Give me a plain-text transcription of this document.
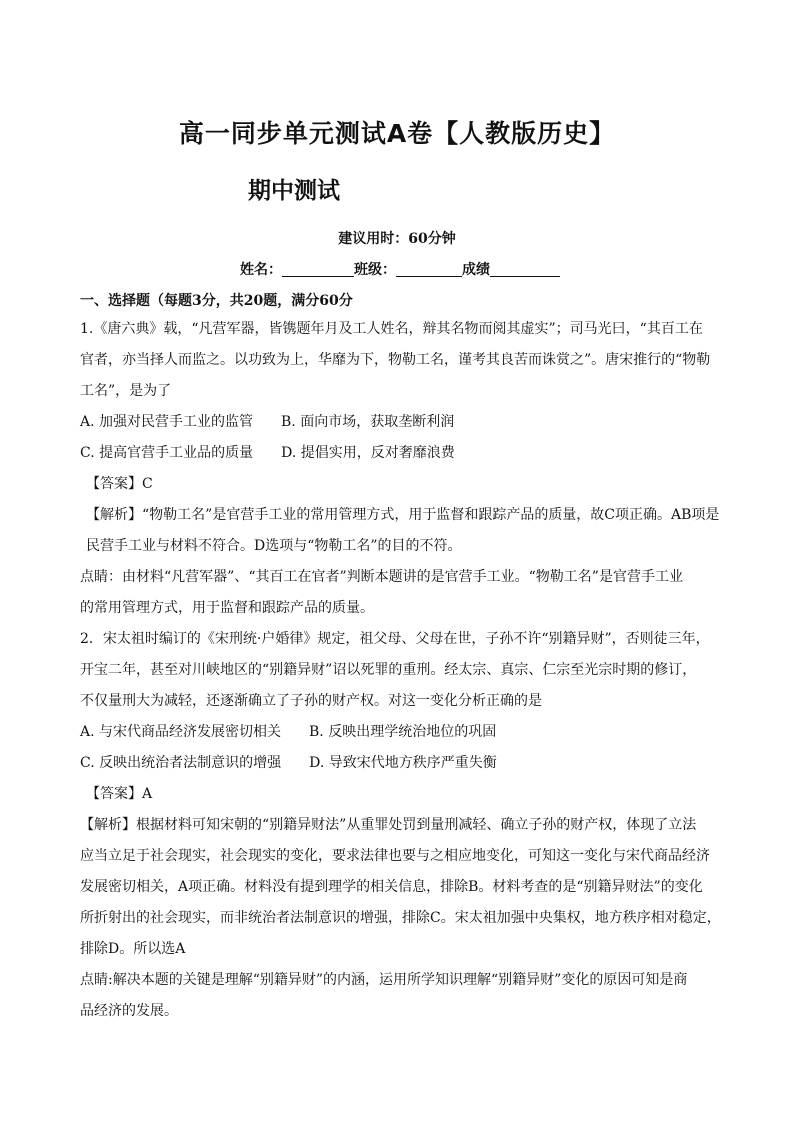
高一同步单元测试A卷【人教版历史】
期中测试
建议用时：60分钟
姓名：	班级：	成绩
一、选择题（每题3分，共20题，满分60分
1.《唐六典》载，“凡营军器，皆镌题年月及工人姓名，辩其名物而阅其虚实”；司马光曰，“其百工在
官者，亦当择人而监之。以功致为上，华靡为下，物勒工名，谨考其良苦而诛赏之”。唐宋推行的“物勒
工名”，是为了
A. 加强对民营手工业的监管 B. 面向市场，获取垄断利润
C. 提高官营手工业品的质量 D. 提倡实用，反对奢靡浪费
【答案】C
【解析】“物勒工名”是官营手工业的常用管理方式，用于监督和跟踪产品的质量，故C项正确。AB项是
民营手工业与材料不符合。D选项与“物勒工名”的目的不符。
点睛：由材料“凡营军器”、“其百工在官者”判断本题讲的是官营手工业。“物勒工名”是官营手工业
的常用管理方式，用于监督和跟踪产品的质量。
2．宋太祖时编订的《宋刑统·户婚律》规定，祖父母、父母在世，子孙不许“别籍异财”，否则徒三年，
开宝二年，甚至对川峡地区的“别籍异财”诏以死罪的重刑。经太宗、真宗、仁宗至光宗时期的修订，
不仅量刑大为减轻，还逐渐确立了子孙的财产权。对这一变化分析正确的是
A. 与宋代商品经济发展密切相关 B. 反映出理学统治地位的巩固
C. 反映出统治者法制意识的增强 D. 导致宋代地方秩序严重失衡
【答案】A
【解析】根据材料可知宋朝的“别籍异财法”从重罪处罚到量刑减轻、确立子孙的财产权，体现了立法
应当立足于社会现实，社会现实的变化，要求法律也要与之相应地变化，可知这一变化与宋代商品经济
发展密切相关，A项正确。材料没有提到理学的相关信息，排除B。材料考查的是“别籍异财法”的变化
所折射出的社会现实，而非统治者法制意识的增强，排除C。宋太祖加强中央集权，地方秩序相对稳定，
排除D。所以选A
点睛:解决本题的关键是理解“别籍异财”的内涵，运用所学知识理解“别籍异财”变化的原因可知是商
品经济的发展。
